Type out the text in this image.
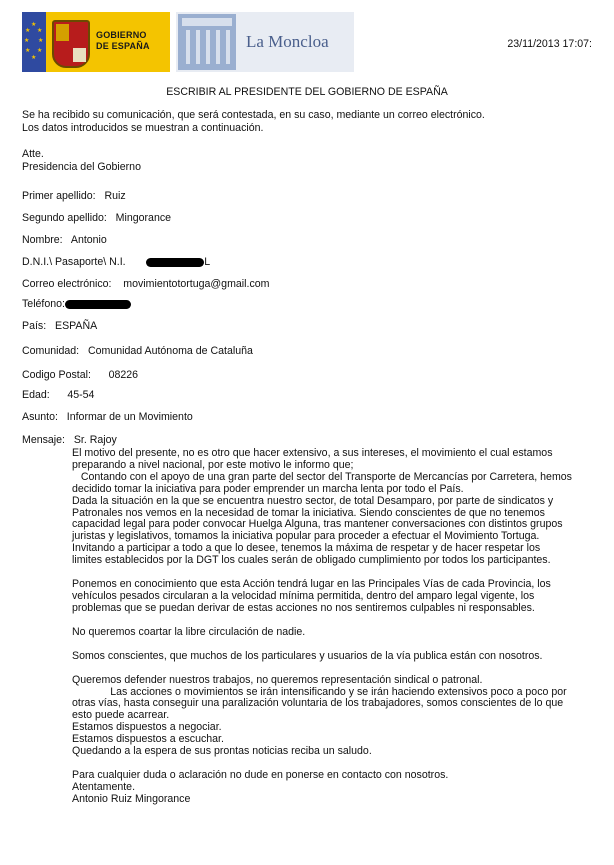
★
★
★
★
★
★
★
★	GOBIERNO
DE ESPAÑA	La Moncloa	23/11/2013 17:07:
ESCRIBIR AL PRESIDENTE DEL GOBIERNO DE ESPAÑA
Se ha recibido su comunicación, que será contestada, en su caso, mediante un correo electrónico.
Los datos introducidos se muestran a continuación.
Atte.
Presidencia del Gobierno
Primer apellido: Ruiz
Segundo apellido: Mingorance
Nombre: Antonio
D.N.I.\ Pasaporte\ N.I.	L
Correo electrónico: movimientotortuga@gmail.com
Teléfono:
País: ESPAÑA
Comunidad: Comunidad Autónoma de Cataluña
Codigo Postal: 08226
Edad: 45-54
Asunto: Informar de un Movimiento
Mensaje: Sr. Rajoy

El motivo del presente, no es otro que hacer extensivo, a sus intereses, el movimiento el cual estamos

preparando a nivel nacional, por este motivo le informo que;

Contando con el apoyo de una gran parte del sector del Transporte de Mercancías por Carretera, hemos

decidido tomar la iniciativa para poder emprender un marcha lenta por todo el País.

Dada la situación en la que se encuentra nuestro sector, de total Desamparo, por parte de sindicatos y

Patronales nos vemos en la necesidad de tomar la iniciativa. Siendo conscientes de que no tenemos

capacidad legal para poder convocar Huelga Alguna, tras mantener conversaciones con distintos grupos

juristas y legislativos, tomamos la iniciativa popular para proceder a efectuar el Movimiento Tortuga.

Invitando a participar a todo a que lo desee, tenemos la máxima de respetar y de hacer respetar los

limites establecidos por la DGT los cuales serán de obligado cumplimiento por todos los participantes.

Ponemos en conocimiento que esta Acción tendrá lugar en las Principales Vías de cada Provincia, los

vehículos pesados circularan a la velocidad mínima permitida, dentro del amparo legal vigente, los

problemas que se puedan derivar de estas acciones no nos sentiremos culpables ni responsables.

No queremos coartar la libre circulación de nadie.

Somos conscientes, que muchos de los particulares y usuarios de la vía publica están con nosotros.

Queremos defender nuestros trabajos, no queremos representación sindical o patronal.

Las acciones o movimientos se irán intensificando y se irán haciendo extensivos poco a poco por

otras vías, hasta conseguir una paralización voluntaria de los trabajadores, somos conscientes de lo que

esto puede acarrear.

Estamos dispuestos a negociar.

Estamos dispuestos a escuchar.

Quedando a la espera de sus prontas noticias reciba un saludo.

Para cualquier duda o aclaración no dude en ponerse en contacto con nosotros.

Atentamente.

Antonio Ruiz Mingorance
